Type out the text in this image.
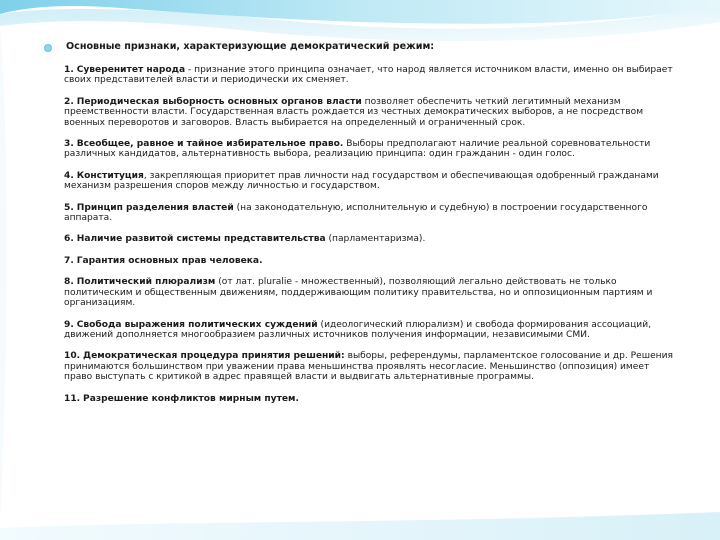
Основные признаки, характеризующие демократический режим:

1. Суверенитет народа - признание этого принципа означает, что народ является источником власти, именно он выбирает своих представителей власти и периодически их сменяет.

2. Периодическая выборность основных органов власти позволяет обеспечить четкий легитимный механизм преемственности власти. Государственная власть рождается из честных демократических выборов, а не посредством военных переворотов и заговоров. Власть выбирается на определенный и ограниченный срок.

3. Всеобщее, равное и тайное избирательное право. Выборы предполагают наличие реальной соревновательности различных кандидатов, альтернативность выбора, реализацию принципа: один гражданин - один голос.

4. Конституция, закрепляющая приоритет прав личности над государством и обеспечивающая одобренный гражданами механизм разрешения споров между личностью и государством.

5. Принцип разделения властей (на законодательную, исполнительную и судебную) в построении государственного аппарата.

6. Наличие развитой системы представительства (парламентаризма).

7. Гарантия основных прав человека.

8. Политический плюрализм (от лат. pluralie - множественный), позволяющий легально действовать не только политическим и общественным движениям, поддерживающим политику правительства, но и оппозиционным партиям и организациям.

9. Свобода выражения политических суждений (идеологический плюрализм) и свобода формирования ассоциаций, движений дополняется многообразием различных источников получения информации, независимыми СМИ.

10. Демократическая процедура принятия решений: выборы, референдумы, парламентское голосование и др. Решения принимаются большинством при уважении права меньшинства проявлять несогласие. Меньшинство (оппозиция) имеет право выступать с критикой в адрес правящей власти и выдвигать альтернативные программы.

11. Разрешение конфликтов мирным путем.
